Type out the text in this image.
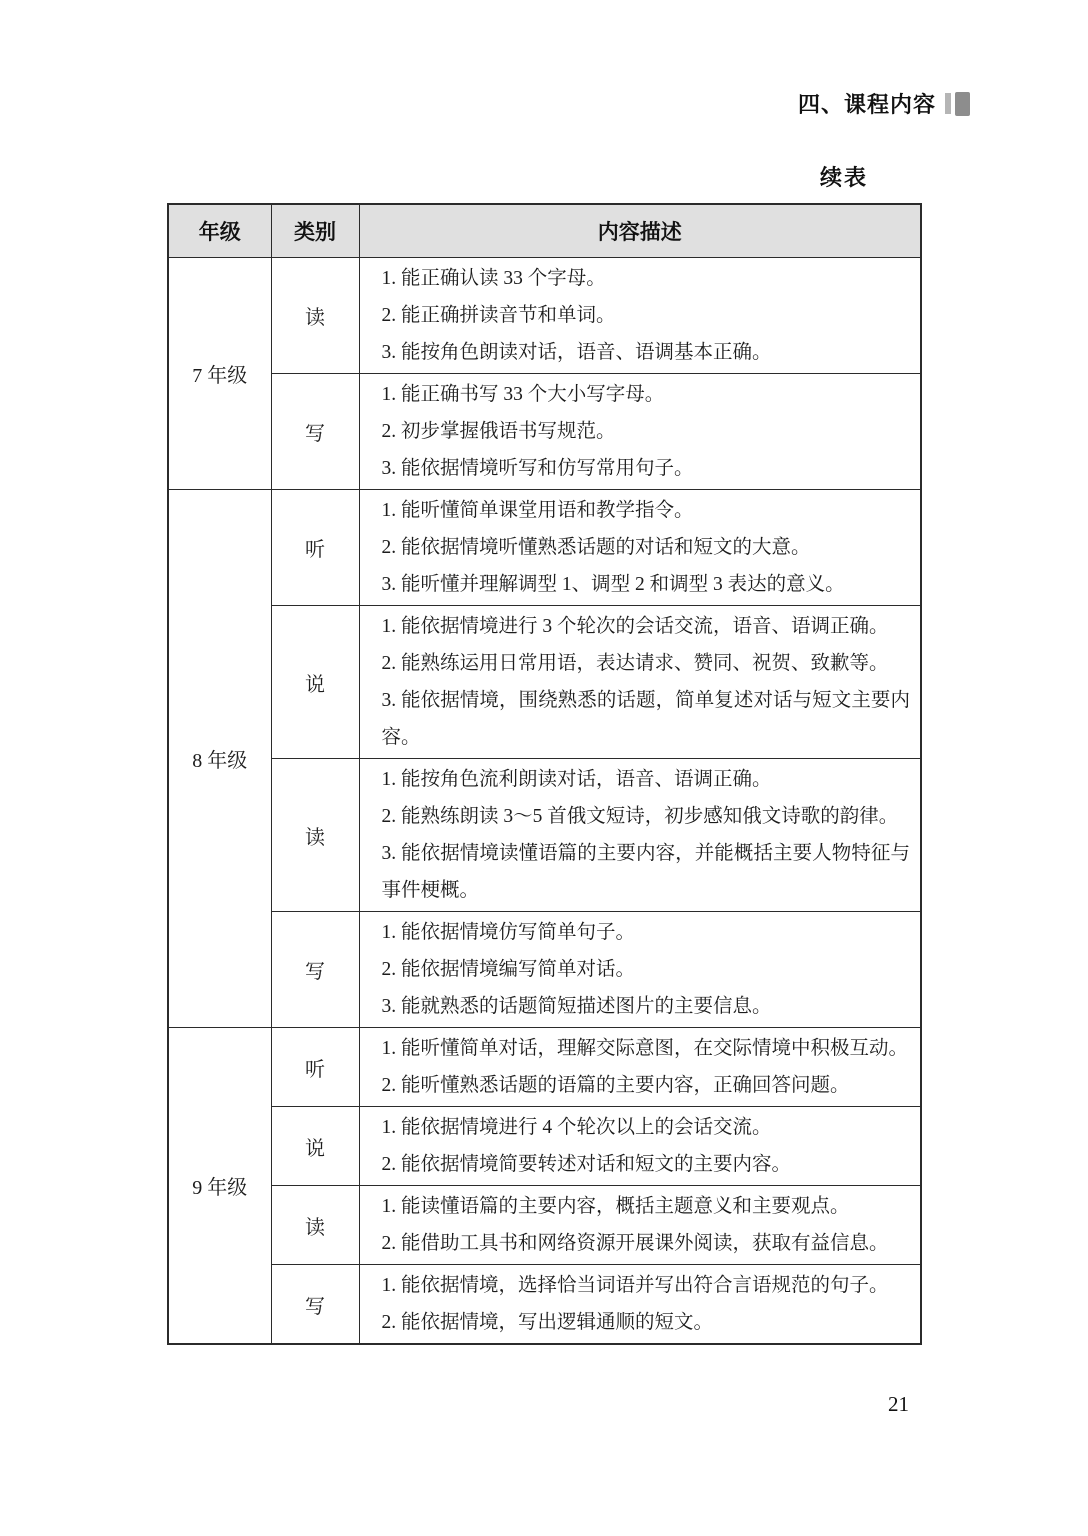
四、课程内容
续表
年级	类别	内容描述
7 年级	读	1. 能正确认读 33 个字母。
2. 能正确拼读音节和单词。
3. 能按角色朗读对话，语音、语调基本正确。

	写	1. 能正确书写 33 个大小写字母。
2. 初步掌握俄语书写规范。
3. 能依据情境听写和仿写常用句子。

8 年级	听	1. 能听懂简单课堂用语和教学指令。
2. 能依据情境听懂熟悉话题的对话和短文的大意。
3. 能听懂并理解调型 1、调型 2 和调型 3 表达的意义。

	说	1. 能依据情境进行 3 个轮次的会话交流，语音、语调正确。
2. 能熟练运用日常用语，表达请求、赞同、祝贺、致歉等。
3. 能依据情境，围绕熟悉的话题，简单复述对话与短文主要内容。

	读	1. 能按角色流利朗读对话，语音、语调正确。
2. 能熟练朗读 3～5 首俄文短诗，初步感知俄文诗歌的韵律。
3. 能依据情境读懂语篇的主要内容，并能概括主要人物特征与事件梗概。

	写	1. 能依据情境仿写简单句子。
2. 能依据情境编写简单对话。
3. 能就熟悉的话题简短描述图片的主要信息。

9 年级	听	1. 能听懂简单对话，理解交际意图，在交际情境中积极互动。
2. 能听懂熟悉话题的语篇的主要内容，正确回答问题。

	说	1. 能依据情境进行 4 个轮次以上的会话交流。
2. 能依据情境简要转述对话和短文的主要内容。

	读	1. 能读懂语篇的主要内容，概括主题意义和主要观点。
2. 能借助工具书和网络资源开展课外阅读，获取有益信息。

	写	1. 能依据情境，选择恰当词语并写出符合言语规范的句子。
2. 能依据情境，写出逻辑通顺的短文。
21
